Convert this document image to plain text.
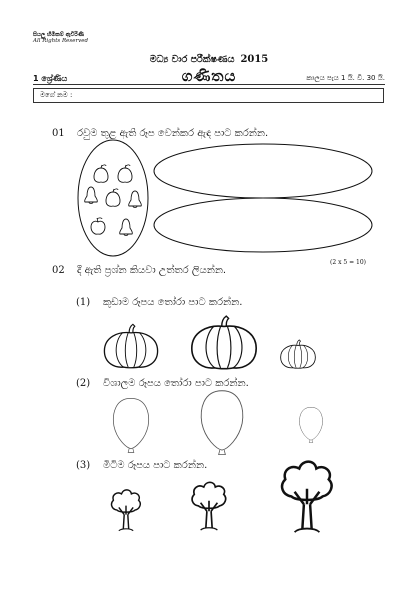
සියලු හිමිකම් ඇවිරිණි
All Rights Reserved
මධ්‍ය වාර පරීක්ෂණය 2015
1 ශ්‍රේණිය	ගණිතය	කාලය පැය 1 යි. වි. 30 යි.
මගේ නම :
01 රවුම තුළ ඇති රූප වෙන්කර ඇඳ පාට කරන්න.
(2 x 5 = 10)
02 දී ඇති ප්‍රශ්න කියවා උත්තර ලියන්න.
(1) කුඩාම රූපය තෝරා පාට කරන්න.
(2) විශාලම රූපය තෝරා පාට කරන්න.
(3) මිටිම රූපය පාට කරන්න.
